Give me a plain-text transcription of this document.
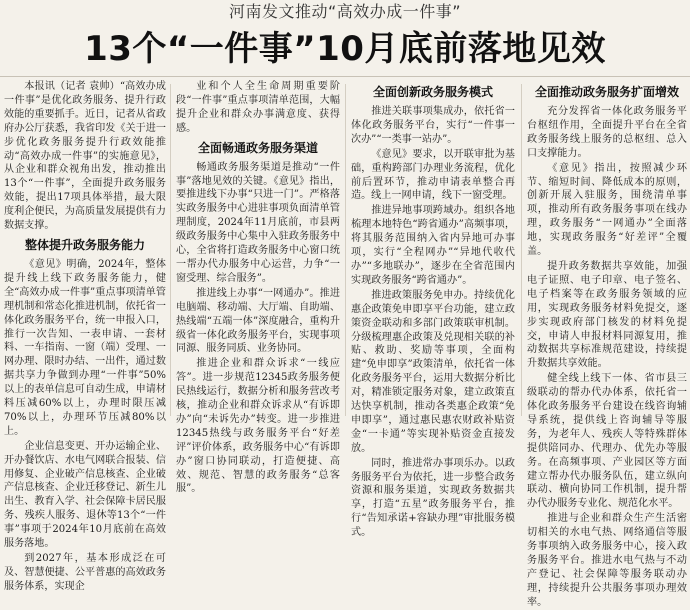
河南发文推动“高效办成一件事”
13个“一件事”10月底前落地见效

本报讯（记者 袁帅）“高效办成一件事”是优化政务服务、提升行政效能的重要抓手。近日，记者从省政府办公厅获悉，我省印发《关于进一步优化政务服务提升行政效能推动“高效办成一件事”的实施意见》，从企业和群众视角出发，推动推出13个“一件事”，全面提升政务服务效能，提出17项具体举措，最大限度利企便民，为高质量发展提供有力数据支撑。

整体提升政务服务能力

《意见》明确，2024年，整体提升线上线下政务服务能力，健全“高效办成一件事”重点事项清单管理机制和常态化推进机制，依托省一体化政务服务平台，统一申报入口，推行一次告知、一表申请、一套材料、一车指南、一窗（端）受理、一网办理、限时办结、一出件，通过数据共享力争做到办理“一件事”50%以上的表单信息可自动生成，申请材料压减60%以上，办理时限压减70%以上，办理环节压减80%以上。

企业信息变更、开办运输企业、开办餐饮店、水电气网联合报装、信用修复、企业破产信息核查、企业破产信息核查、企业迁移登记、新生儿出生、教育入学、社会保障卡居民服务、残疾人服务、退休等13个“一件事”事项于2024年10月底前在高效服务落地。

到2027年，基本形成泛在可及、智慧便捷、公平普惠的高效政务服务体系，实现企

业和个人全生命周期重要阶段“一件事”重点事项清单范围，大幅提升企业和群众办事满意度、获得感。

全面畅通政务服务渠道

畅通政务服务渠道是推动“一件事”落地见效的关键。《意见》指出，要推进线下办事“只进一门”。严格落实政务服务中心进驻事项负面清单管理制度，2024年11月底前，市县两级政务服务中心集中入驻政务服务中心，全省将打造政务服务中心窗口统一帮办代办服务中心运营，力争“一窗受理、综合服务”。

推进线上办事“一网通办”。推进电脑端、移动端、大厅端、自助端、热线端“五端一体”深度融合，重构升级省一体化政务服务平台，实现事项同源、服务同质、业务协同。

推进企业和群众诉求“一线应答”。进一步规范12345政务服务便民热线运行，数据分析和服务营改考核，推动企业和群众诉求从“有诉即办”向“未诉先办”转变。进一步推进12345热线与政务服务平台“好差评”评价体系，政务服务中心“有诉即办”窗口协同联动，打造便捷、高效、规范、智慧的政务服务“总客服”。

全面创新政务服务模式

推进关联事项集成办，依托省一体化政务服务平台，实行“一件事一次办”“一类事一站办”。

《意见》要求，以开联审批为基础，重构跨部门办理业务流程，优化前后置环节，推动申请表单整合再造。线上一网申请，线下一窗受理。

推进异地事项跨域办。组织各地梳理本地特色“跨省通办”高频事项，将其服务范围纳入省内异地可办事项，实行“全程网办”“异地代收代办”“多地联办”，逐步在全省范围内实现政务服务“跨省通办”。

推进政策服务免申办。持续优化惠企政策免申即享平台功能，建立政策资金联动和多部门政策联审机制。分级梳理惠企政策及兑现相关联的补贴、救助、奖励等事项，全面构建“免申即享”政策清单，依托省一体化政务服务平台，运用大数据分析比对，精准锁定服务对象，建立政策直达快享机制，推动各类惠企政策“免申即享”，通过惠民惠农财政补贴资金“一卡通”等实现补贴资金直接发放。

同时，推进常办事项乐办。以政务服务平台为依托，进一步整合政务资源和服务渠道，实现政务数据共享，打造“五星”政务服务平台，推行“告知承诺+容缺办理”审批服务模式。

全面推动政务服务扩面增效

充分发挥省一体化政务服务平台枢纽作用，全面提升平台在全省政务服务线上服务的总枢纽、总入口支撑能力。

《意见》指出，按照减少环节、缩短时间、降低成本的原则，创新开展入驻服务，围绕清单事项，推动所有政务服务事项在线办理，政务服务“一网通办”全面落地，实现政务服务“好差评”全覆盖。

提升政务数据共享效能，加强电子证照、电子印章、电子签名、电子档案等在政务服务领域的应用，实现政务服务材料免提交，逐步实现政府部门核发的材料免提交，申请人申报材料同源复用，推动数据共享标准规范建设，持续提升数据共享效能。

健全线上线下一体、省市县三级联动的帮办代办体系，依托省一体化政务服务平台建设在线咨询辅导系统，提供线上咨询辅导等服务，为老年人、残疾人等特殊群体提供陪同办、代理办、优先办等服务。在高频事项、产业园区等方面建立帮办代办服务队伍，建立纵向联动、横向协同工作机制，提升帮办代办服务专业化、规范化水平。

推进与企业和群众生产生活密切相关的水电气热、网络通信等服务事项纳入政务服务中心，接入政务服务平台。推进水电气热与不动产登记、社会保障等服务联动办理，持续提升公共服务事项办理效率。
